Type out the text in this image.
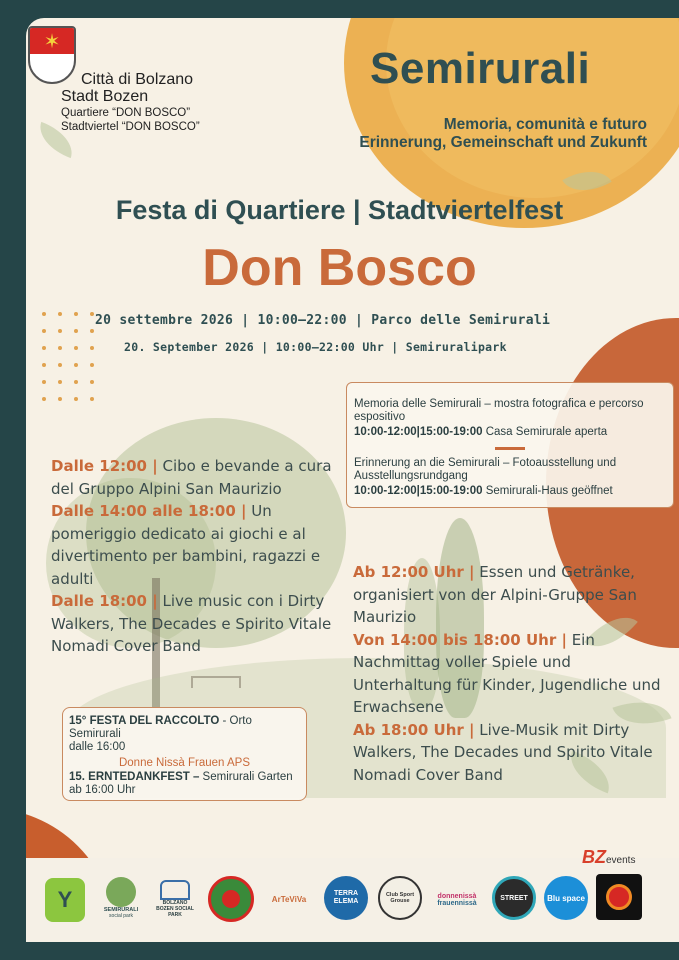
✶
Città di Bolzano
Stadt Bozen
Quartiere “DON BOSCO”
Stadtviertel “DON BOSCO”
Semirurali
Memoria, comunità e futuro
Erinnerung, Gemeinschaft und Zukunft
Festa di Quartiere | Stadtviertelfest
Don Bosco
20 settembre 2026 | 10:00–22:00 | Parco delle Semirurali
20. September 2026 | 10:00–22:00 Uhr | Semiruralipark
Memoria delle Semirurali – mostra fotografica e percorso espositivo
10:00-12:00|15:00-19:00 Casa Semirurale aperta
Erinnerung an die Semirurali – Fotoausstellung und Ausstellungsrundgang
10:00-12:00|15:00-19:00 Semirurali-Haus geöffnet
Dalle 12:00 | Cibo e bevande a cura del Gruppo Alpini San Maurizio
Dalle 14:00 alle 18:00 | Un pomeriggio dedicato ai giochi e al divertimento per bambini, ragazzi e adulti
Dalle 18:00 | Live music con i Dirty Walkers, The Decades e Spirito Vitale Nomadi Cover Band
Ab 12:00 Uhr | Essen und Getränke, organisiert von der Alpini-Gruppe San Maurizio
Von 14:00 bis 18:00 Uhr | Ein Nachmittag voller Spiele und Unterhaltung für Kinder, Jugendliche und Erwachsene
Ab 18:00 Uhr | Live-Musik mit Dirty Walkers, The Decades und Spirito Vitale Nomadi Cover Band
15° FESTA DEL RACCOLTO - Orto Semirurali
dalle 16:00
Donne Nissà Frauen APS
15. ERNTEDANKFEST – Semirurali Garten
ab 16:00 Uhr
BZevents
Y	SEMIRURALI
social park
BOLZANO BOZEN SOCIAL PARK
ArTeViVa
TERRA ELEMA
Club Sport Grouse
donnenissà
frauennissà
STREET	Blu space
